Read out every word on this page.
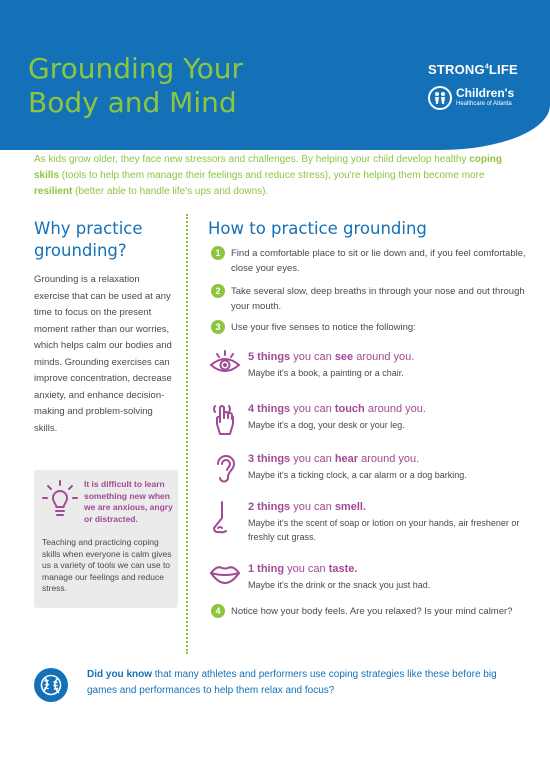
Grounding Your
Body and Mind
STRONG$^4$LIFE
Children's
Healthcare of Atlanta

As kids grow older, they face new stressors and challenges. By helping your child develop healthy coping skills (tools to help them manage their feelings and reduce stress), you're helping them become more resilient (better able to handle life's ups and downs).

Why practice
grounding?

Grounding is a relaxation exercise that can be used at any time to focus on the present moment rather than our worries, which helps calm our bodies and minds. Grounding exercises can improve concentration, decrease anxiety, and enhance decision-making and problem-solving skills.

It is difficult to learn something new when we are anxious, angry or distracted.
Teaching and practicing coping skills when everyone is calm gives us a variety of tools we can use to manage our feelings and reduce stress.
How to practice grounding
1	Find a comfortable place to sit or lie down and, if you feel comfortable, close your eyes.
2	Take several slow, deep breaths in through your nose and out through your mouth.
3	Use your five senses to notice the following:
5 things you can see around you.
Maybe it's a book, a painting or a chair.
4 things you can touch around you.
Maybe it's a dog, your desk or your leg.
3 things you can hear around you.
Maybe it's a ticking clock, a car alarm or a dog barking.
2 things you can smell.
Maybe it's the scent of soap or lotion on your hands, air freshener or freshly cut grass.
1 thing you can taste.
Maybe it's the drink or the snack you just had.
4	Notice how your body feels. Are you relaxed? Is your mind calmer?
Did you know that many athletes and performers use coping strategies like these before big games and performances to help them relax and focus?
